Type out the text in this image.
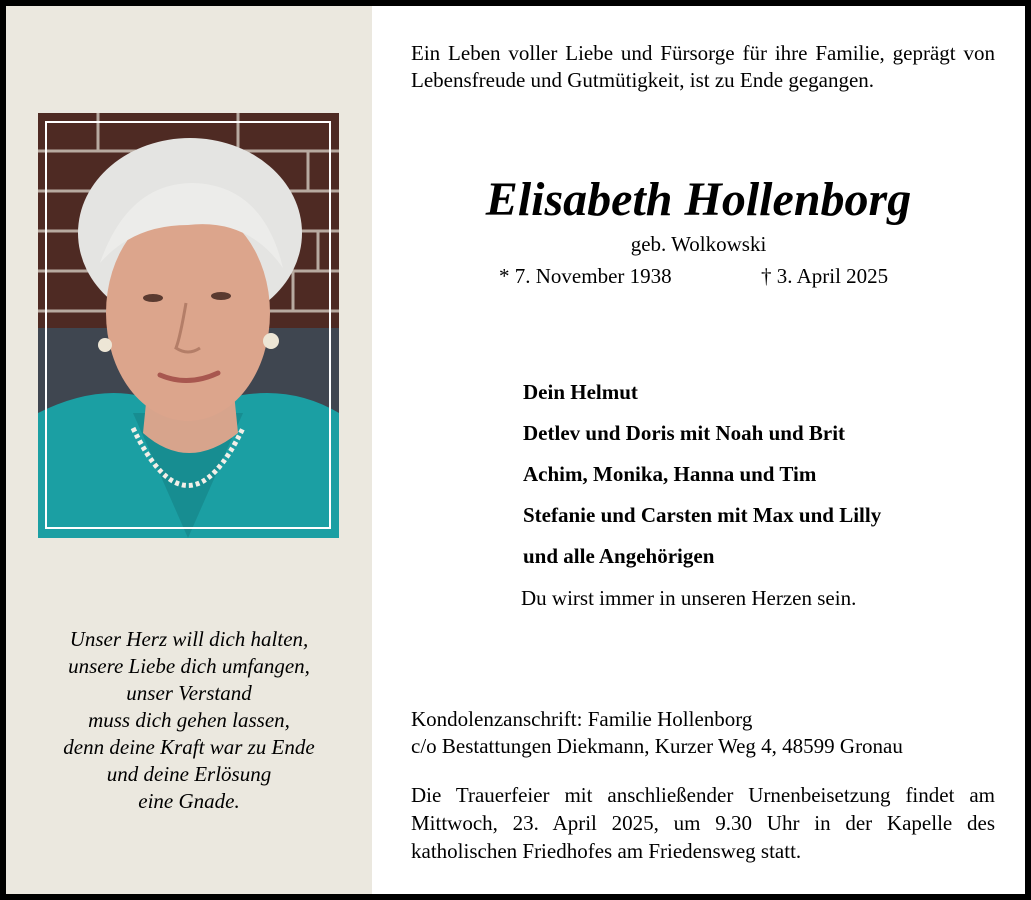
Unser Herz will dich halten,
unsere Liebe dich umfangen,
unser Verstand
muss dich gehen lassen,
denn deine Kraft war zu Ende
und deine Erlösung
eine Gnade.
Ein Leben voller Liebe und Fürsorge für ihre Familie, geprägt von Lebensfreude und Gutmütigkeit, ist zu Ende gegangen.
Elisabeth Hollenborg
geb. Wolkowski
* 7. November 1938	† 3. April 2025
Dein Helmut
Detlev und Doris mit Noah und Brit
Achim, Monika, Hanna und Tim
Stefanie und Carsten mit Max und Lilly
und alle Angehörigen
Du wirst immer in unseren Herzen sein.
Kondolenzanschrift: Familie Hollenborg
c/o Bestattungen Diekmann, Kurzer Weg 4, 48599 Gronau
Die Trauerfeier mit anschließender Urnenbeisetzung findet am Mittwoch, 23. April 2025, um 9.30 Uhr in der Kapelle des katholischen Friedhofes am Friedensweg statt.
